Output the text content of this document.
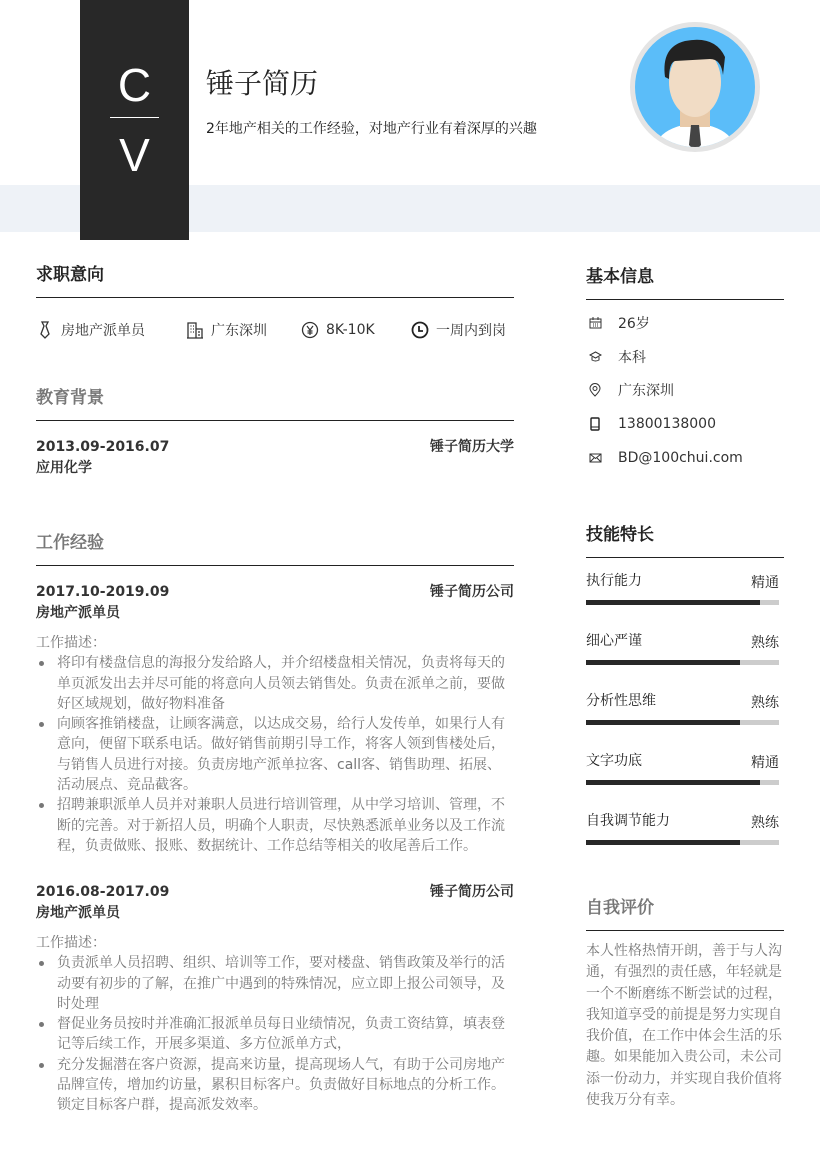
C
V
锤子简历
2年地产相关的工作经验，对地产行业有着深厚的兴趣
求职意向
房地产派单员	广东深圳	8K-10K	一周内到岗
教育背景
2013.09-2016.07	锤子简历大学
应用化学
工作经验
2017.10-2019.09	锤子简历公司
房地产派单员
工作描述：
将印有楼盘信息的海报分发给路人，并介绍楼盘相关情况，负责将每天的单页派发出去并尽可能的将意向人员领去销售处。负责在派单之前，要做好区域规划，做好物料准备
向顾客推销楼盘，让顾客满意，以达成交易，给行人发传单，如果行人有意向，便留下联系电话。做好销售前期引导工作，将客人领到售楼处后，与销售人员进行对接。负责房地产派单拉客、call客、销售助理、拓展、活动展点、竞品截客。
招聘兼职派单人员并对兼职人员进行培训管理，从中学习培训、管理，不断的完善。对于新招人员，明确个人职责，尽快熟悉派单业务以及工作流程，负责做账、报账、数据统计、工作总结等相关的收尾善后工作。
2016.08-2017.09	锤子简历公司
房地产派单员
工作描述：
负责派单人员招聘、组织、培训等工作，要对楼盘、销售政策及举行的活动要有初步的了解，在推广中遇到的特殊情况，应立即上报公司领导，及时处理
督促业务员按时并准确汇报派单员每日业绩情况，负责工资结算，填表登记等后续工作，开展多渠道、多方位派单方式，
充分发掘潜在客户资源，提高来访量，提高现场人气，有助于公司房地产品牌宣传，增加约访量，累积目标客户。负责做好目标地点的分析工作。锁定目标客户群，提高派发效率。
基本信息
26岁
本科
广东深圳
13800138000
BD@100chui.com
技能特长
执行能力	精通
细心严谨	熟练
分析性思维	熟练
文字功底	精通
自我调节能力	熟练
自我评价
本人性格热情开朗，善于与人沟通，有强烈的责任感，年轻就是一个不断磨练不断尝试的过程，我知道享受的前提是努力实现自我价值，在工作中体会生活的乐趣。如果能加入贵公司，未公司添一份动力，并实现自我价值将使我万分有幸。
